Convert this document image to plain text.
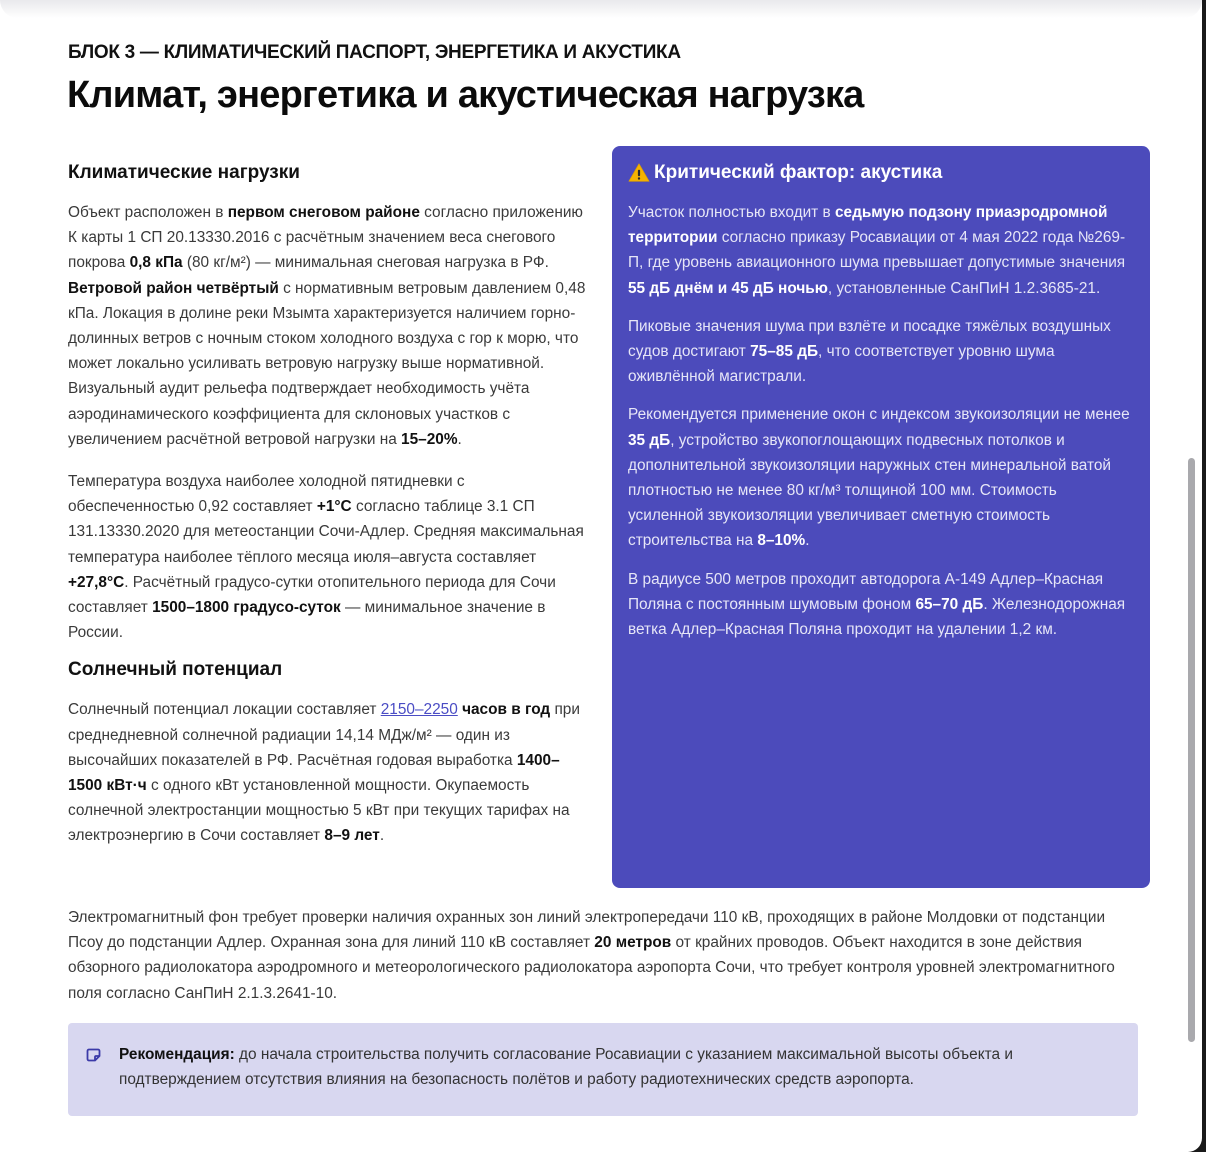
БЛОК 3 — КЛИМАТИЧЕСКИЙ ПАСПОРТ, ЭНЕРГЕТИКА И АКУСТИКА
Климат, энергетика и акустическая нагрузка
Климатические нагрузки

Объект расположен в первом снеговом районе согласно приложению К карты 1 СП 20.13330.2016 с расчётным значением веса снегового покрова 0,8 кПа (80 кг/м²) — минимальная снеговая нагрузка в РФ. Ветровой район четвёртый с нормативным ветровым давлением 0,48 кПа. Локация в долине реки Мзымта характеризуется наличием горно-долинных ветров с ночным стоком холодного воздуха с гор к морю, что может локально усиливать ветровую нагрузку выше нормативной. Визуальный аудит рельефа подтверждает необходимость учёта аэродинамического коэффициента для склоновых участков с увеличением расчётной ветровой нагрузки на 15–20%.

Температура воздуха наиболее холодной пятидневки с обеспеченностью 0,92 составляет +1°C согласно таблице 3.1 СП 131.13330.2020 для метеостанции Сочи-Адлер. Средняя максимальная температура наиболее тёплого месяца июля–августа составляет +27,8°C. Расчётный градусо-сутки отопительного периода для Сочи составляет 1500–1800 градусо-суток — минимальное значение в России.

Солнечный потенциал

Солнечный потенциал локации составляет 2150–2250 часов в год при среднедневной солнечной радиации 14,14 МДж/м² — один из высочайших показателей в РФ. Расчётная годовая выработка 1400–1500 кВт·ч с одного кВт установленной мощности. Окупаемость солнечной электростанции мощностью 5 кВт при текущих тарифах на электроэнергию в Сочи составляет 8–9 лет.

Критический фактор: акустика

Участок полностью входит в седьмую подзону приаэродромной территории согласно приказу Росавиации от 4 мая 2022 года №269-П, где уровень авиационного шума превышает допустимые значения 55 дБ днём и 45 дБ ночью, установленные СанПиН 1.2.3685-21.

Пиковые значения шума при взлёте и посадке тяжёлых воздушных судов достигают 75–85 дБ, что соответствует уровню шума оживлённой магистрали.

Рекомендуется применение окон с индексом звукоизоляции не менее 35 дБ, устройство звукопоглощающих подвесных потолков и дополнительной звукоизоляции наружных стен минеральной ватой плотностью не менее 80 кг/м³ толщиной 100 мм. Стоимость усиленной звукоизоляции увеличивает сметную стоимость строительства на 8–10%.

В радиусе 500 метров проходит автодорога А-149 Адлер–Красная Поляна с постоянным шумовым фоном 65–70 дБ. Железнодорожная ветка Адлер–Красная Поляна проходит на удалении 1,2 км.

Электромагнитный фон требует проверки наличия охранных зон линий электропередачи 110 кВ, проходящих в районе Молдовки от подстанции Псоу до подстанции Адлер. Охранная зона для линий 110 кВ составляет 20 метров от крайних проводов. Объект находится в зоне действия обзорного радиолокатора аэродромного и метеорологического радиолокатора аэропорта Сочи, что требует контроля уровней электромагнитного поля согласно СанПиН 2.1.3.2641-10.

Рекомендация: до начала строительства получить согласование Росавиации с указанием максимальной высоты объекта и подтверждением отсутствия влияния на безопасность полётов и работу радиотехнических средств аэропорта.
